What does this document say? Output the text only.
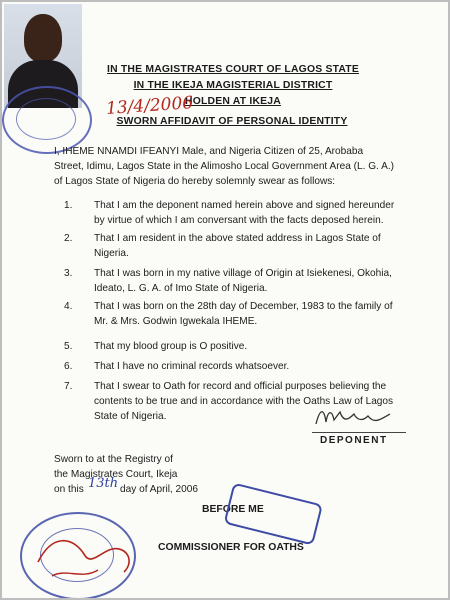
IN THE MAGISTRATES COURT OF LAGOS STATE
IN THE IKEJA MAGISTERIAL DISTRICT
HOLDEN AT IKEJA
13/4/2006
SWORN AFFIDAVIT OF PERSONAL IDENTITY
I, IHEME NNAMDI IFEANYI Male, and Nigeria Citizen of 25, Arobaba
Street, Idimu, Lagos State in the Alimosho Local Government Area (L. G. A.)
of Lagos State of Nigeria do hereby solemnly swear as follows:
1. That I am the deponent named herein above and signed hereunder
by virtue of which I am conversant with the facts deposed herein.
2. That I am resident in the above stated address in Lagos State of
Nigeria.
3. That I was born in my native village of Origin at Isiekenesi, Okohia,
Ideato, L. G. A. of Imo State of Nigeria.
4. That I was born on the 28th day of December, 1983 to the family of
Mr. & Mrs. Godwin Igwekala IHEME.
5. That my blood group is O positive.
6. That I have no criminal records whatsoever.
7. That I swear to Oath for record and official purposes believing the
contents to be true and in accordance with the Oaths Law of Lagos
State of Nigeria.
DEPONENT
Sworn to at the Registry of
the Magistrates Court, Ikeja
on this 13th day of April, 2006
BEFORE ME
COMMISSIONER FOR OATHS
